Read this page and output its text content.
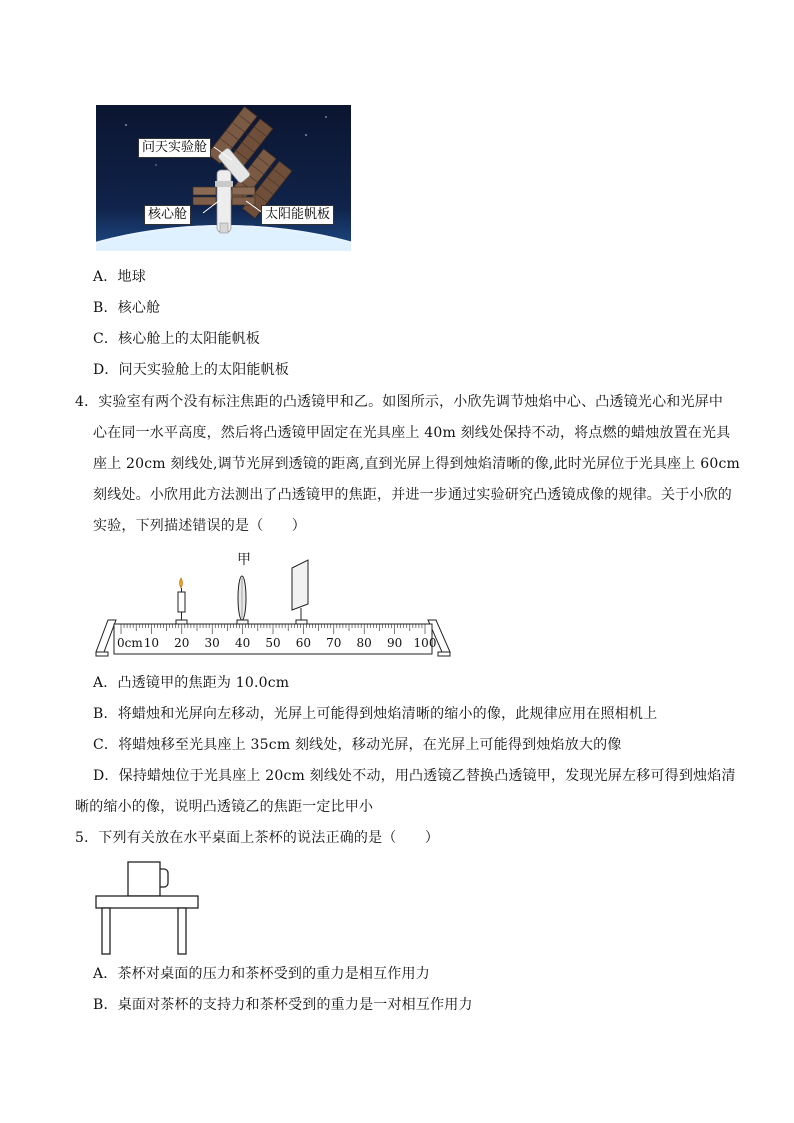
问天实验舱
核心舱	太阳能帆板
A．地球
B．核心舱
C．核心舱上的太阳能帆板
D．问天实验舱上的太阳能帆板
4．实验室有两个没有标注焦距的凸透镜甲和乙。如图所示，小欣先调节烛焰中心、凸透镜光心和光屏中
心在同一水平高度，然后将凸透镜甲固定在光具座上 40m 刻线处保持不动，将点燃的蜡烛放置在光具
座上 20cm 刻线处,调节光屏到透镜的距离,直到光屏上得到烛焰清晰的像,此时光屏位于光具座上 60cm
刻线处。小欣用此方法测出了凸透镜甲的焦距，并进一步通过实验研究凸透镜成像的规律。关于小欣的
实验，下列描述错误的是（　　）
甲
0cm 10 20 30 40 50 60 70 80 90 100
A．凸透镜甲的焦距为 10.0cm
B．将蜡烛和光屏向左移动，光屏上可能得到烛焰清晰的缩小的像，此规律应用在照相机上
C．将蜡烛移至光具座上 35cm 刻线处，移动光屏，在光屏上可能得到烛焰放大的像
D．保持蜡烛位于光具座上 20cm 刻线处不动，用凸透镜乙替换凸透镜甲，发现光屏左移可得到烛焰清
晰的缩小的像，说明凸透镜乙的焦距一定比甲小
5．下列有关放在水平桌面上茶杯的说法正确的是（　　）
A．茶杯对桌面的压力和茶杯受到的重力是相互作用力
B．桌面对茶杯的支持力和茶杯受到的重力是一对相互作用力
